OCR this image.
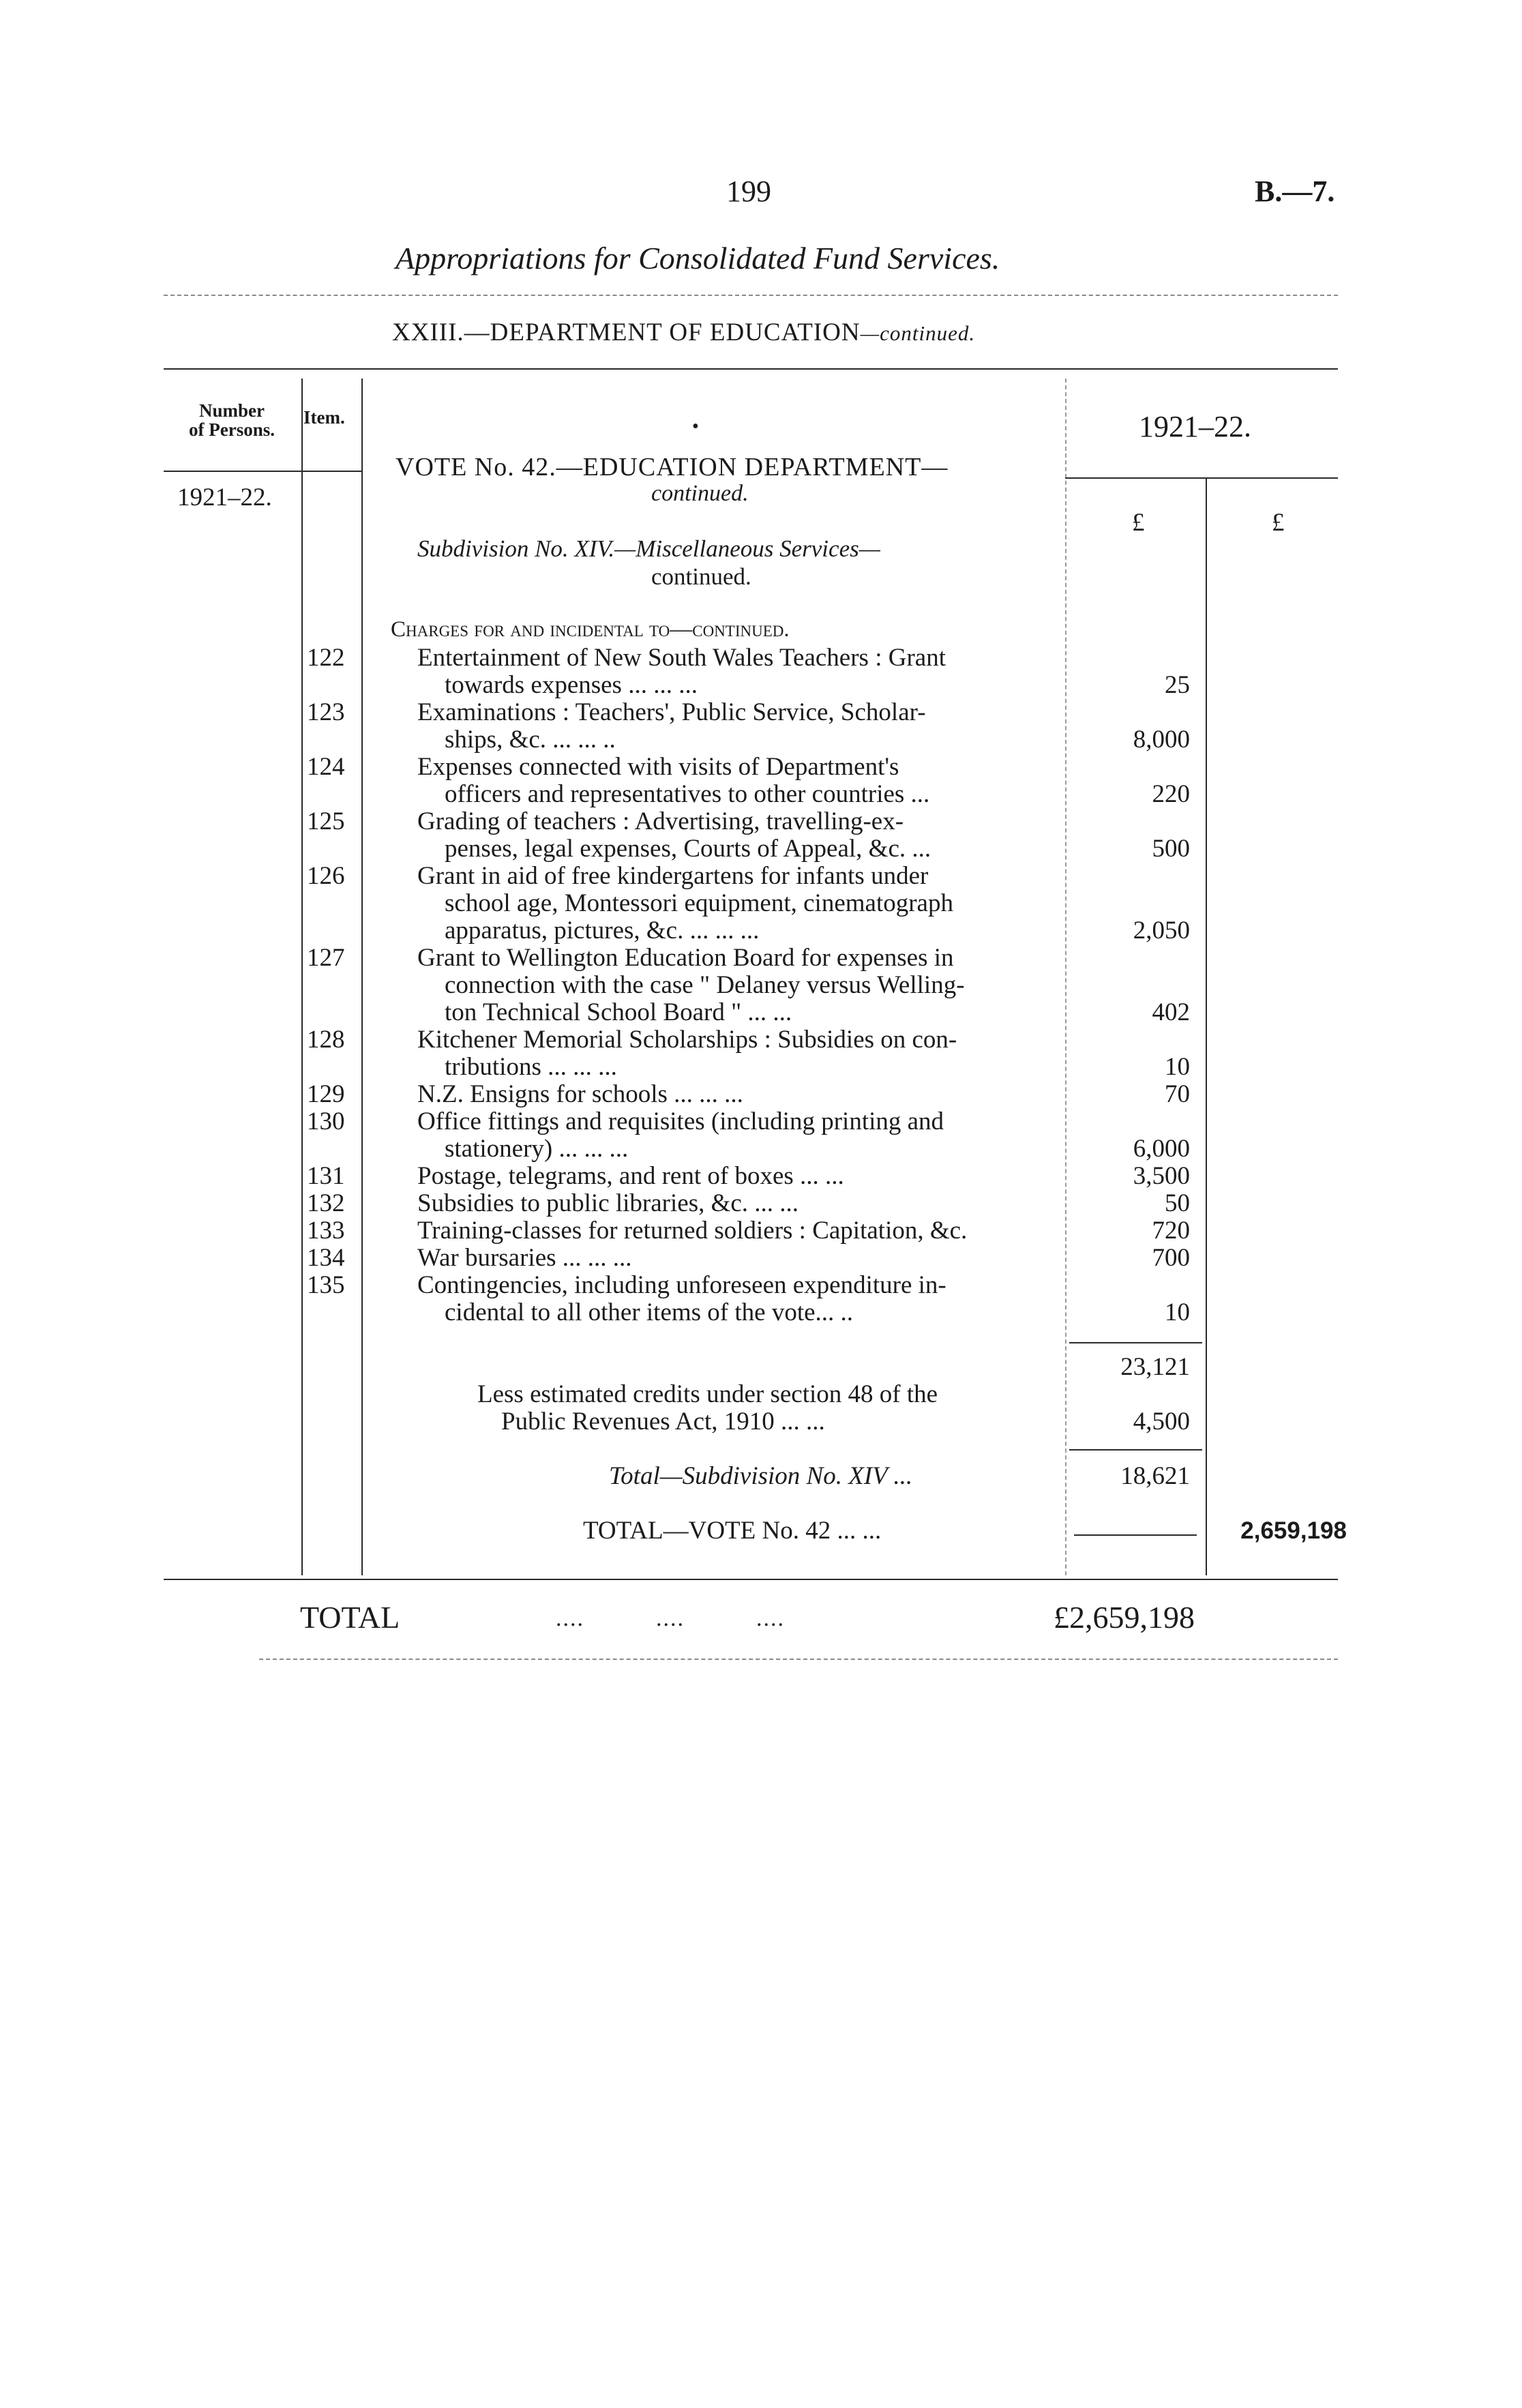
199	B.—7.
Appropriations for Consolidated Fund Services.
XXIII.—DEPARTMENT OF EDUCATION—continued.
Number
of Persons.
Item.	•	1921–22.
1921–22.
VOTE No. 42.—EDUCATION DEPARTMENT—
continued.
£	£
Subdivision No. XIV.—Miscellaneous Services—
continued.
Charges for and incidental to—continued.
122	Entertainment of New South Wales Teachers : Grant
towards expenses ... ... ...	25
123	Examinations : Teachers', Public Service, Scholar-
ships, &c. ... ... ..	8,000
124	Expenses connected with visits of Department's
officers and representatives to other countries ...	220
125	Grading of teachers : Advertising, travelling-ex-
penses, legal expenses, Courts of Appeal, &c. ...	500
126	Grant in aid of free kindergartens for infants under
school age, Montessori equipment, cinematograph
apparatus, pictures, &c. ... ... ...	2,050
127	Grant to Wellington Education Board for expenses in
connection with the case " Delaney versus Welling-
ton Technical School Board " ... ...	402
128	Kitchener Memorial Scholarships : Subsidies on con-
tributions ... ... ...	10
129	N.Z. Ensigns for schools ... ... ...	70
130	Office fittings and requisites (including printing and
stationery) ... ... ...	6,000
131	Postage, telegrams, and rent of boxes ... ...	3,500
132	Subsidies to public libraries, &c. ... ...	50
133	Training-classes for returned soldiers : Capitation, &c.	720
134	War bursaries ... ... ...	700
135	Contingencies, including unforeseen expenditure in-
cidental to all other items of the vote... ..	10
23,121
Less estimated credits under section 48 of the
Public Revenues Act, 1910 ... ...	4,500
Total—Subdivision No. XIV ...	18,621
TOTAL—VOTE No. 42 ... ...	2,659,198
TOTAL	....          ....          ....	£2,659,198
